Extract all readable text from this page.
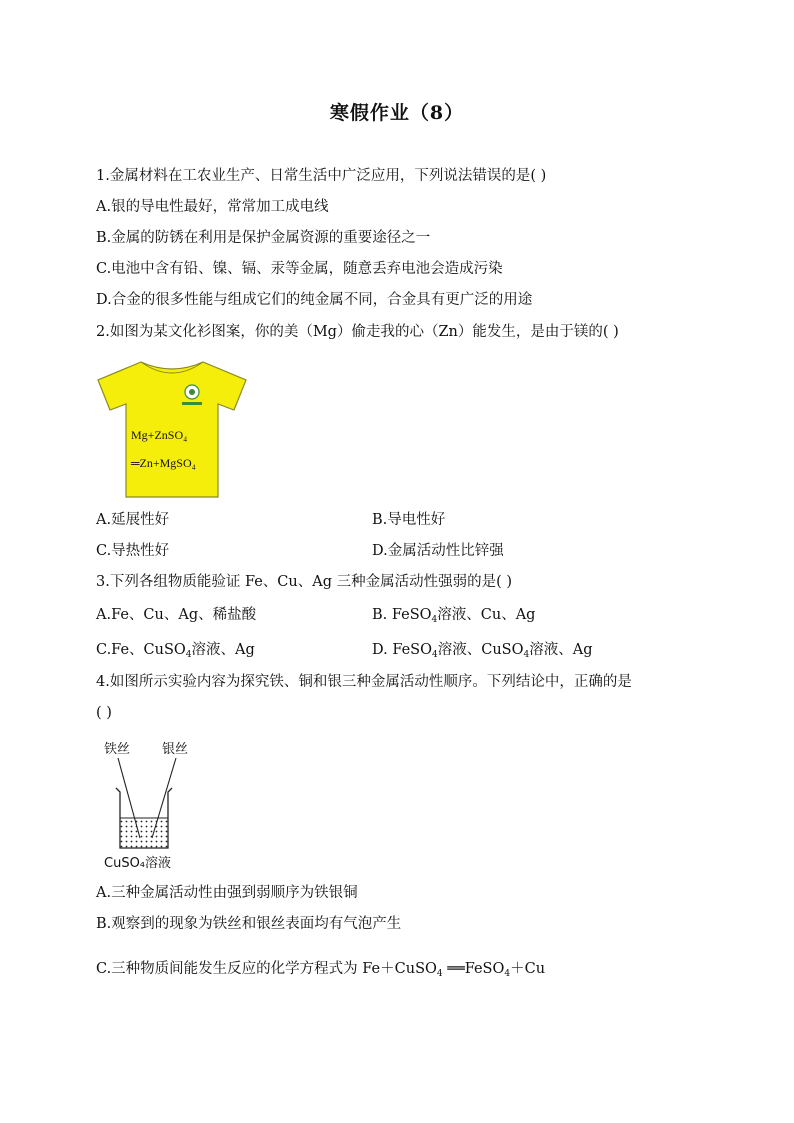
寒假作业（8）
1.金属材料在工农业生产、日常生活中广泛应用，下列说法错误的是( )
A.银的导电性最好，常常加工成电线
B.金属的防锈在利用是保护金属资源的重要途径之一
C.电池中含有铅、镍、镉、汞等金属，随意丢弃电池会造成污染
D.合金的很多性能与组成它们的纯金属不同，合金具有更广泛的用途
2.如图为某文化衫图案，你的美（Mg）偷走我的心（Zn）能发生，是由于镁的( )
Mg+ZnSO₄
═Zn+MgSO₄
A.延展性好	B.导电性好
C.导热性好	D.金属活动性比锌强
3.下列各组物质能验证 Fe、Cu、Ag 三种金属活动性强弱的是( )
A.Fe、Cu、Ag、稀盐酸	B. FeSO$_4$溶液、Cu、Ag
C.Fe、CuSO$_4$溶液、Ag	D. FeSO$_4$溶液、CuSO$_4$溶液、Ag
4.如图所示实验内容为探究铁、铜和银三种金属活动性顺序。下列结论中，正确的是
( )
铁丝 银丝
CuSO₄溶液
A.三种金属活动性由强到弱顺序为铁银铜
B.观察到的现象为铁丝和银丝表面均有气泡产生
C.三种物质间能发生反应的化学方程式为 Fe＋CuSO$_4$ ══FeSO$_4$＋Cu
